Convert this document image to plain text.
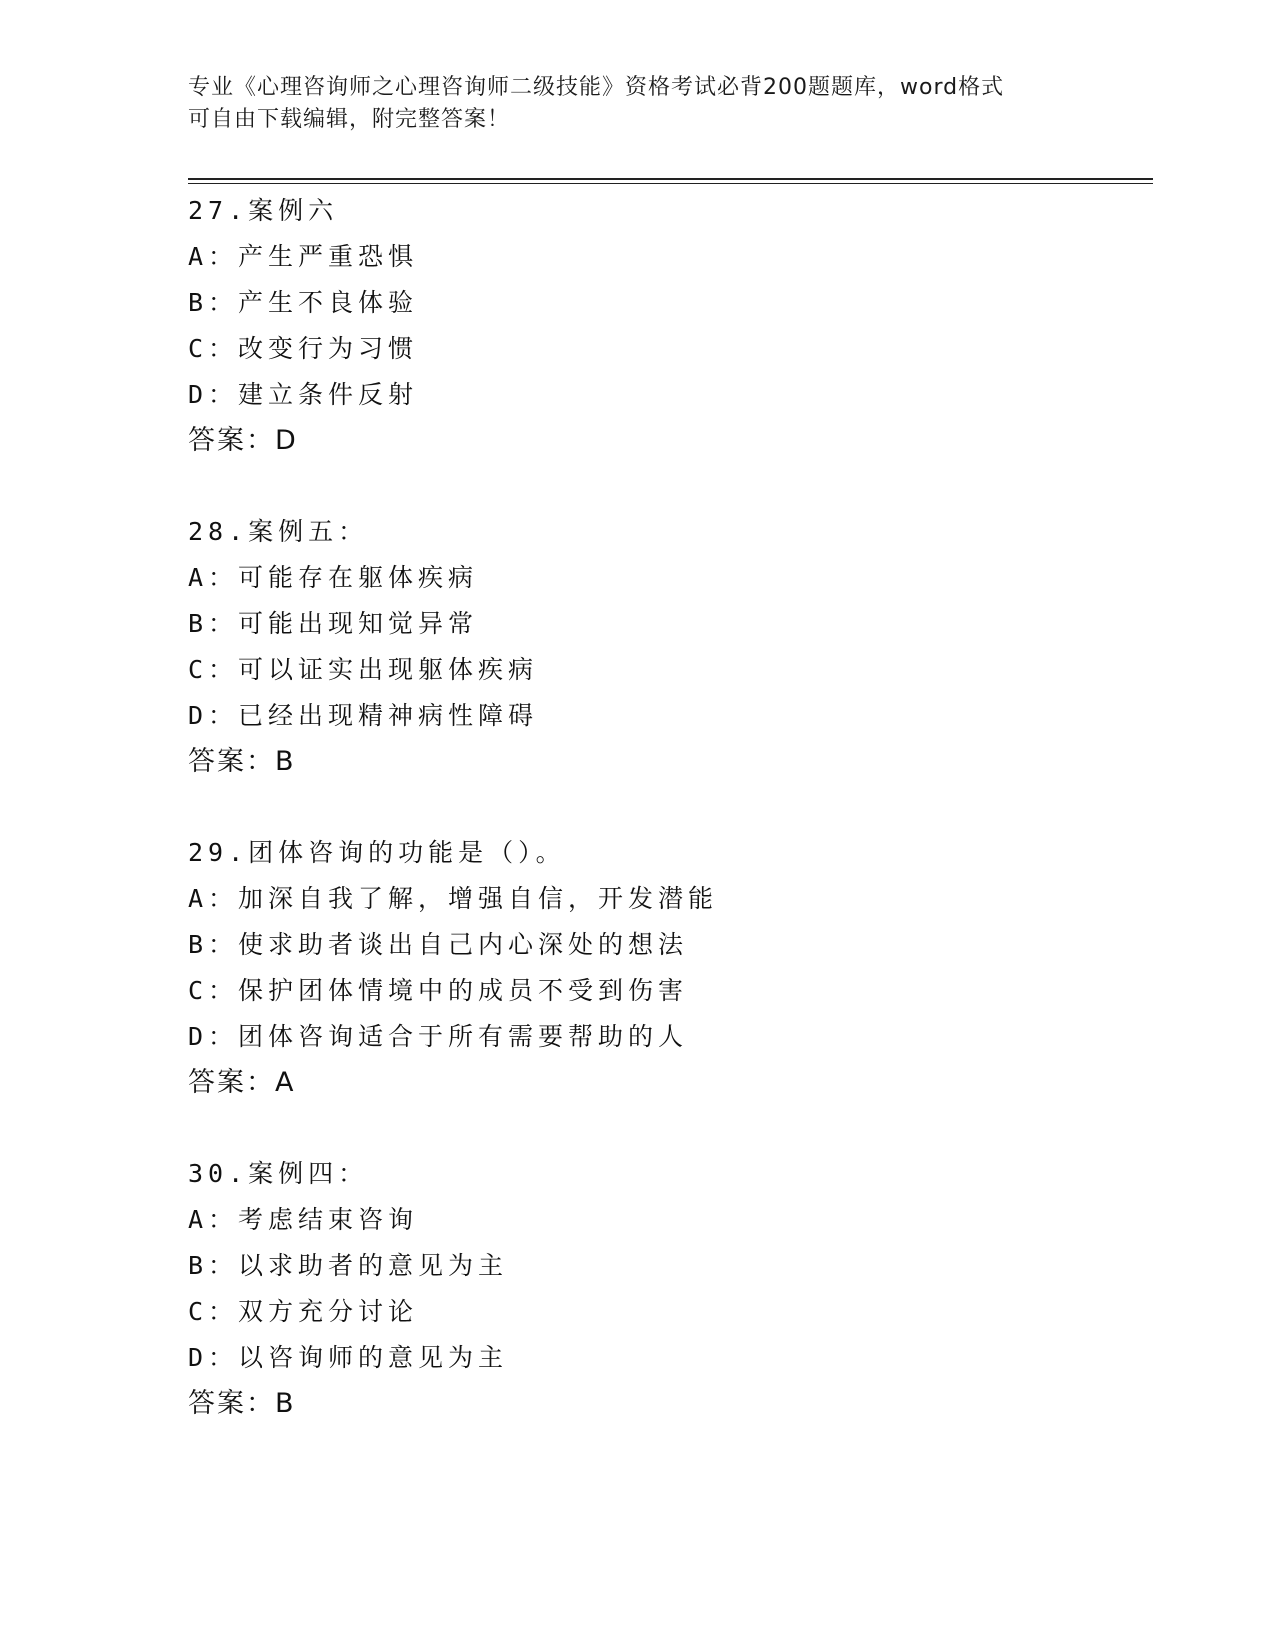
专业《心理咨询师之心理咨询师二级技能》资格考试必背200题题库，word格式
可自由下载编辑，附完整答案！
27.案例六
A：产生严重恐惧
B：产生不良体验
C：改变行为习惯
D：建立条件反射
答案：D
28.案例五：
A：可能存在躯体疾病
B：可能出现知觉异常
C：可以证实出现躯体疾病
D：已经出现精神病性障碍
答案：B
29.团体咨询的功能是（）。
A：加深自我了解，增强自信，开发潜能
B：使求助者谈出自己内心深处的想法
C：保护团体情境中的成员不受到伤害
D：团体咨询适合于所有需要帮助的人
答案：A
30.案例四：
A：考虑结束咨询
B：以求助者的意见为主
C：双方充分讨论
D：以咨询师的意见为主
答案：B
